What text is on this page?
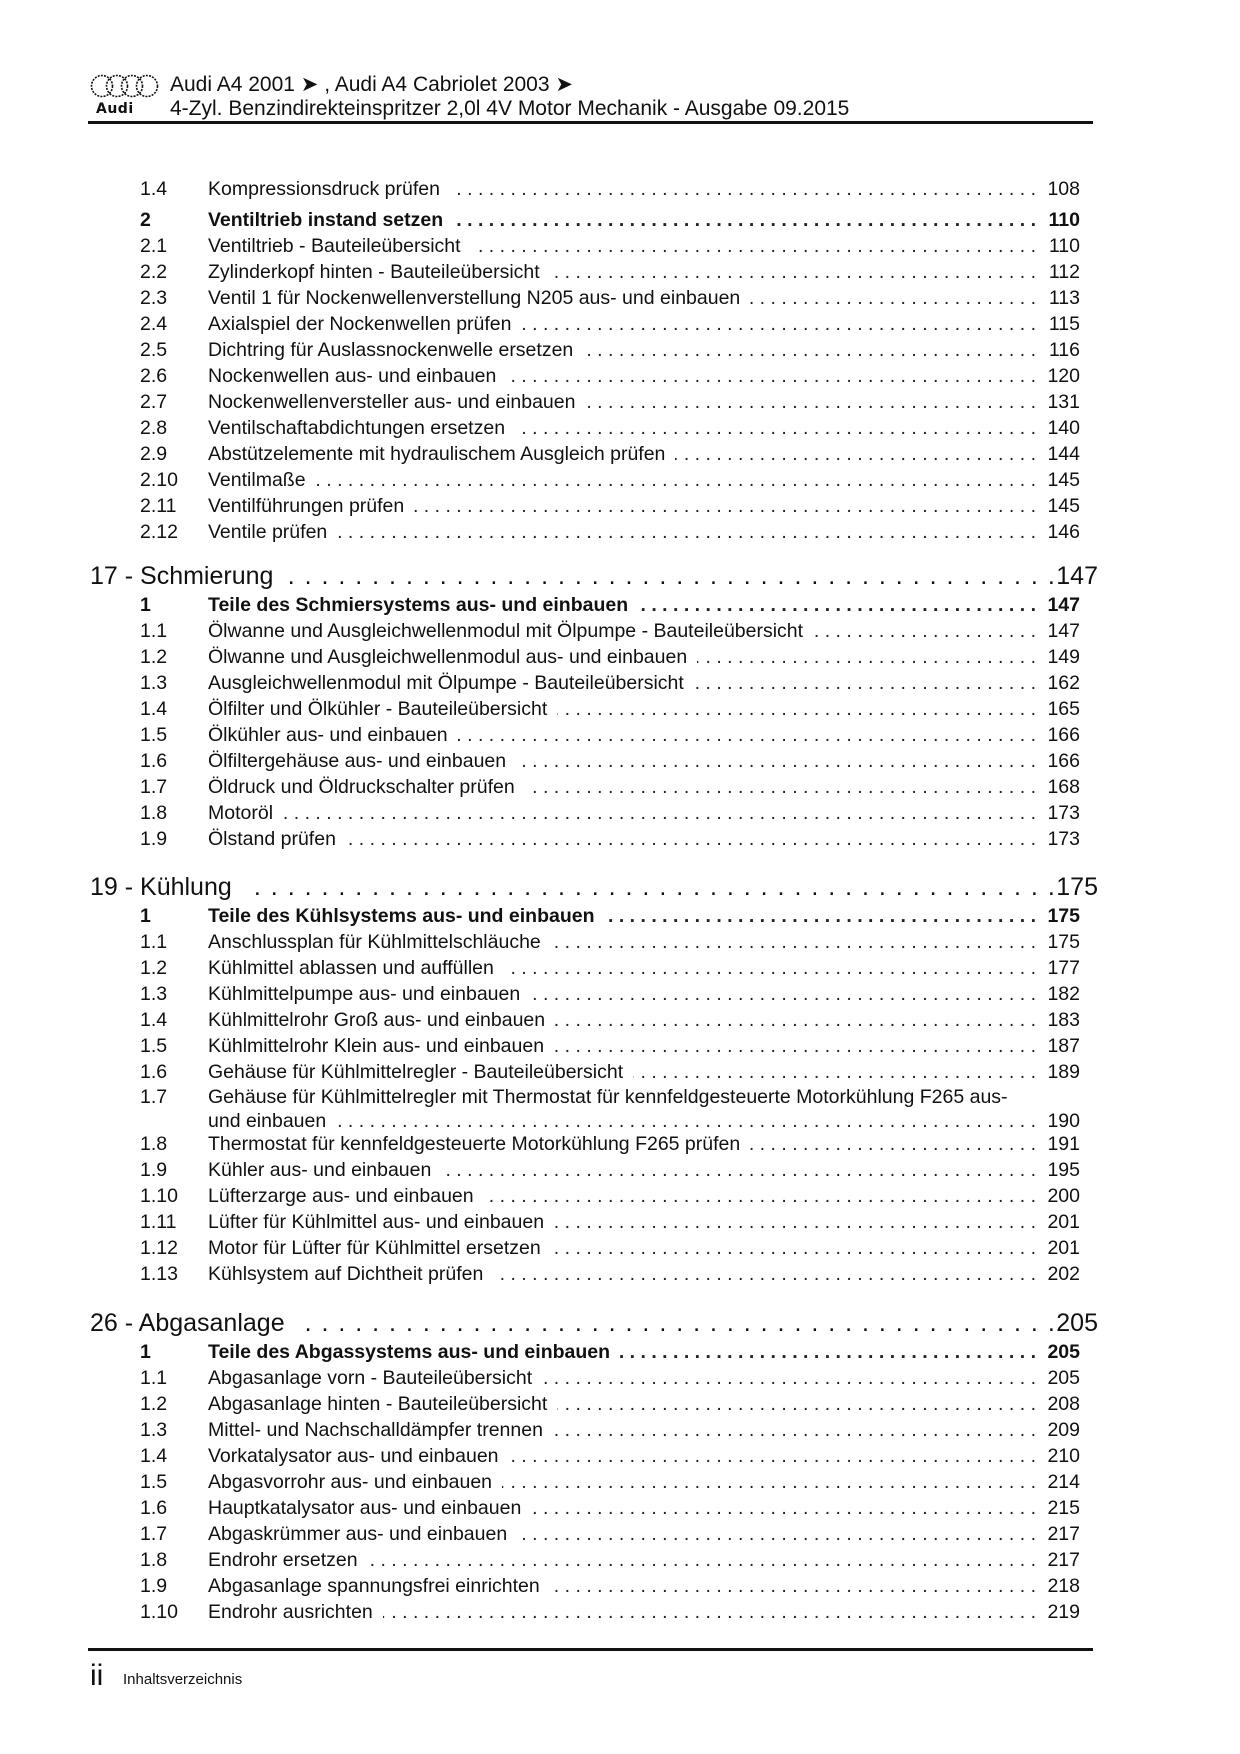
Audi
Audi A4 2001 ➤ , Audi A4 Cabriolet 2003 ➤
4-Zyl. Benzindirekteinspritzer 2,0l 4V Motor Mechanik - Ausgabe 09.2015
1.4	Kompressionsdruck prüfen . . .	108
2	Ventiltrieb instand setzen . . .	110
2.1	Ventiltrieb - Bauteileübersicht . . .	110
2.2	Zylinderkopf hinten - Bauteileübersicht . . .	112
2.3	Ventil 1 für Nockenwellenverstellung N205 aus- und einbauen . . .	113
2.4	Axialspiel der Nockenwellen prüfen . . .	115
2.5	Dichtring für Auslassnockenwelle ersetzen . . .	116
2.6	Nockenwellen aus- und einbauen . . .	120
2.7	Nockenwellenversteller aus- und einbauen . . .	131
2.8	Ventilschaftabdichtungen ersetzen . . .	140
2.9	Abstützelemente mit hydraulischem Ausgleich prüfen . . .	144
2.10	Ventilmaße . . .	145
2.11	Ventilführungen prüfen . . .	145
2.12	Ventile prüfen . . .	146
17 - Schmierung . . .	147
1	Teile des Schmiersystems aus- und einbauen . . .	147
1.1	Ölwanne und Ausgleichwellenmodul mit Ölpumpe - Bauteileübersicht . . .	147
1.2	Ölwanne und Ausgleichwellenmodul aus- und einbauen . . .	149
1.3	Ausgleichwellenmodul mit Ölpumpe - Bauteileübersicht . . .	162
1.4	Ölfilter und Ölkühler - Bauteileübersicht . . .	165
1.5	Ölkühler aus- und einbauen . . .	166
1.6	Ölfiltergehäuse aus- und einbauen . . .	166
1.7	Öldruck und Öldruckschalter prüfen . . .	168
1.8	Motoröl . . .	173
1.9	Ölstand prüfen . . .	173
19 - Kühlung . . .	175
1	Teile des Kühlsystems aus- und einbauen . . .	175
1.1	Anschlussplan für Kühlmittelschläuche . . .	175
1.2	Kühlmittel ablassen und auffüllen . . .	177
1.3	Kühlmittelpumpe aus- und einbauen . . .	182
1.4	Kühlmittelrohr Groß aus- und einbauen . . .	183
1.5	Kühlmittelrohr Klein aus- und einbauen . . .	187
1.6	Gehäuse für Kühlmittelregler - Bauteileübersicht . . .	189
1.7	Gehäuse für Kühlmittelregler mit Thermostat für kennfeldgesteuerte Motorkühlung F265 aus-
und einbauen . . .	190
1.8	Thermostat für kennfeldgesteuerte Motorkühlung F265 prüfen . . .	191
1.9	Kühler aus- und einbauen . . .	195
1.10	Lüfterzarge aus- und einbauen . . .	200
1.11	Lüfter für Kühlmittel aus- und einbauen . . .	201
1.12	Motor für Lüfter für Kühlmittel ersetzen . . .	201
1.13	Kühlsystem auf Dichtheit prüfen . . .	202
26 - Abgasanlage . . .	205
1	Teile des Abgassystems aus- und einbauen . . .	205
1.1	Abgasanlage vorn - Bauteileübersicht . . .	205
1.2	Abgasanlage hinten - Bauteileübersicht . . .	208
1.3	Mittel- und Nachschalldämpfer trennen . . .	209
1.4	Vorkatalysator aus- und einbauen . . .	210
1.5	Abgasvorrohr aus- und einbauen . . .	214
1.6	Hauptkatalysator aus- und einbauen . . .	215
1.7	Abgaskrümmer aus- und einbauen . . .	217
1.8	Endrohr ersetzen . . .	217
1.9	Abgasanlage spannungsfrei einrichten . . .	218
1.10	Endrohr ausrichten . . .	219
ii Inhaltsverzeichnis
